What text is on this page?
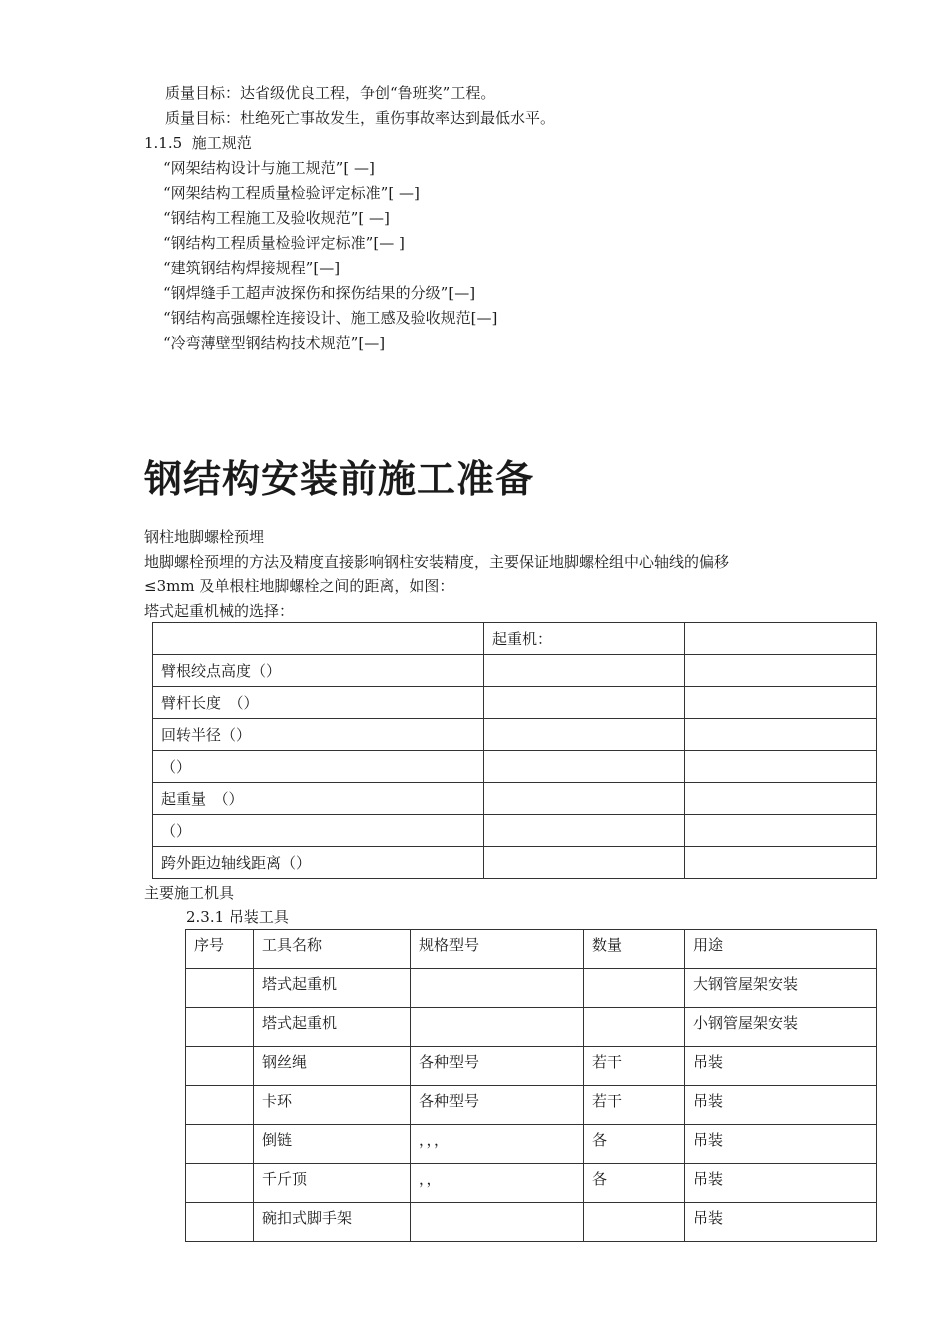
质量目标：达省级优良工程，争创“鲁班奖”工程。
质量目标：杜绝死亡事故发生，重伤事故率达到最低水平。
1.1.5 施工规范
“网架结构设计与施工规范”[ —]
“网架结构工程质量检验评定标准”[ —]
“钢结构工程施工及验收规范”[ —]
“钢结构工程质量检验评定标准”[— ]
“建筑钢结构焊接规程”[—]
“钢焊缝手工超声波探伤和探伤结果的分级”[—]
“钢结构高强螺栓连接设计、施工感及验收规范[—]
“冷弯薄壁型钢结构技术规范”[—]
钢结构安装前施工准备
钢柱地脚螺栓预埋
地脚螺栓预埋的方法及精度直接影响钢柱安装精度，主要保证地脚螺栓组中心轴线的偏移
≤3mm 及单根柱地脚螺栓之间的距离，如图：
塔式起重机械的选择：
	起重机：	
臂根绞点高度（）		
臂杆长度　（）		
回转半径（）		
（）		
起重量　（）		
（）		
跨外距边轴线距离（）		
主要施工机具
2.3.1 吊装工具
序号	工具名称	规格型号	数量	用途
	塔式起重机			大钢管屋架安装
	塔式起重机			小钢管屋架安装
	钢丝绳	各种型号	若干	吊装
	卡环	各种型号	若干	吊装
	倒链	，，，	各	吊装
	千斤顶	，，	各	吊装
	碗扣式脚手架			吊装
